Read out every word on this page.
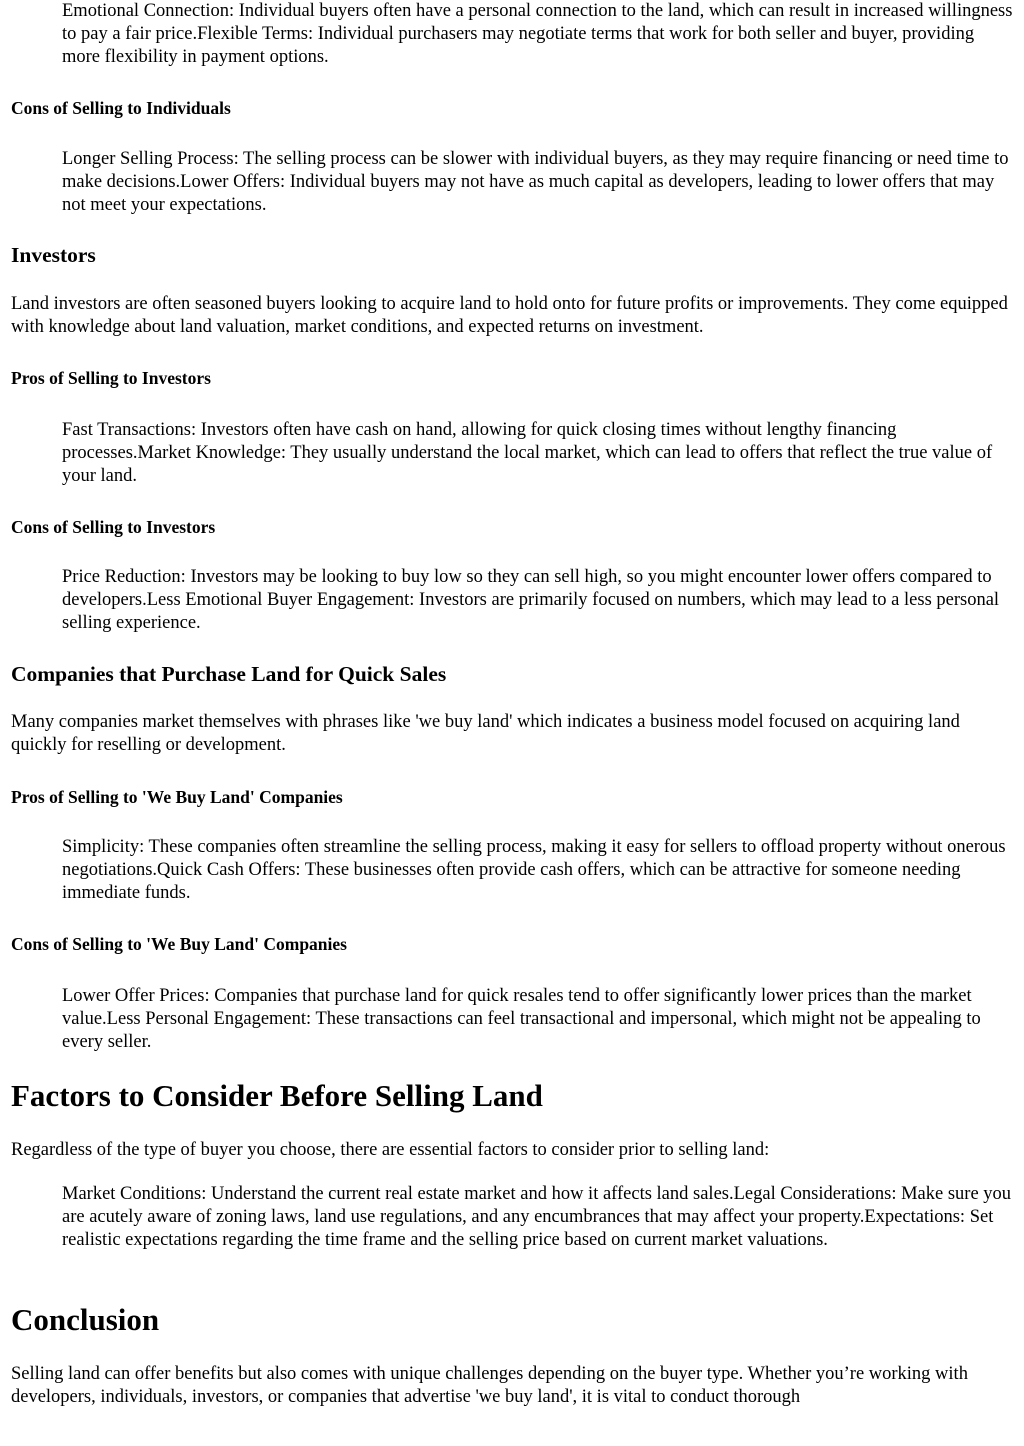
Emotional Connection: Individual buyers often have a personal connection to the land, which can result in increased willingness to pay a fair price.Flexible Terms: Individual purchasers may negotiate terms that work for both seller and buyer, providing more flexibility in payment options.

Cons of Selling to Individuals

Longer Selling Process: The selling process can be slower with individual buyers, as they may require financing or need time to make decisions.Lower Offers: Individual buyers may not have as much capital as developers, leading to lower offers that may not meet your expectations.

Investors

Land investors are often seasoned buyers looking to acquire land to hold onto for future profits or improvements. They come equipped with knowledge about land valuation, market conditions, and expected returns on investment.

Pros of Selling to Investors

Fast Transactions: Investors often have cash on hand, allowing for quick closing times without lengthy financing processes.Market Knowledge: They usually understand the local market, which can lead to offers that reflect the true value of your land.

Cons of Selling to Investors

Price Reduction: Investors may be looking to buy low so they can sell high, so you might encounter lower offers compared to developers.Less Emotional Buyer Engagement: Investors are primarily focused on numbers, which may lead to a less personal selling experience.

Companies that Purchase Land for Quick Sales

Many companies market themselves with phrases like 'we buy land' which indicates a business model focused on acquiring land quickly for reselling or development.

Pros of Selling to 'We Buy Land' Companies

Simplicity: These companies often streamline the selling process, making it easy for sellers to offload property without onerous negotiations.Quick Cash Offers: These businesses often provide cash offers, which can be attractive for someone needing immediate funds.

Cons of Selling to 'We Buy Land' Companies

Lower Offer Prices: Companies that purchase land for quick resales tend to offer significantly lower prices than the market value.Less Personal Engagement: These transactions can feel transactional and impersonal, which might not be appealing to every seller.

Factors to Consider Before Selling Land

Regardless of the type of buyer you choose, there are essential factors to consider prior to selling land:

Market Conditions: Understand the current real estate market and how it affects land sales.Legal Considerations: Make sure you are acutely aware of zoning laws, land use regulations, and any encumbrances that may affect your property.Expectations: Set realistic expectations regarding the time frame and the selling price based on current market valuations.

Conclusion

Selling land can offer benefits but also comes with unique challenges depending on the buyer type. Whether you’re working with developers, individuals, investors, or companies that advertise 'we buy land', it is vital to conduct thorough
